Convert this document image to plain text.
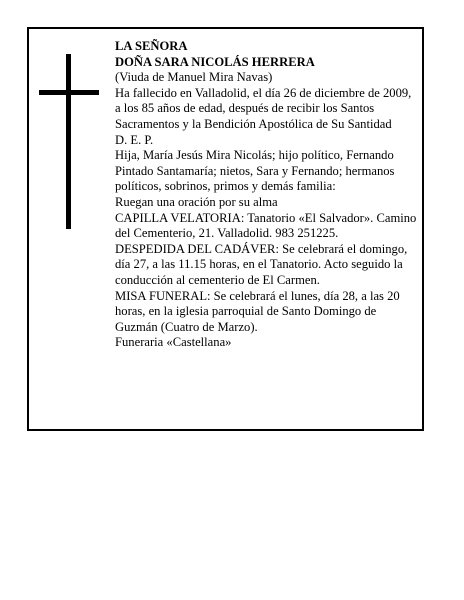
LA SEÑORA

DOÑA SARA NICOLÁS HERRERA

(Viuda de Manuel Mira Navas)

Ha fallecido en Valladolid, el día 26 de diciembre de 2009, a los 85 años de edad, después de recibir los Santos Sacramentos y la Bendición Apostólica de Su Santidad

D. E. P.

Hija, María Jesús Mira Nicolás; hijo político, Fernando Pintado Santamaría; nietos, Sara y Fernando; hermanos políticos, sobrinos, primos y demás familia:

Ruegan una oración por su alma

CAPILLA VELATORIA: Tanatorio «El Salvador». Camino del Cementerio, 21. Valladolid. 983 251225.

DESPEDIDA DEL CADÁVER: Se celebrará el domingo, día 27, a las 11.15 horas, en el Tanatorio. Acto seguido la conducción al cementerio de El Carmen.

MISA FUNERAL: Se celebrará el lunes, día 28, a las 20 horas, en la iglesia parroquial de Santo Domingo de Guzmán (Cuatro de Marzo).

Funeraria «Castellana»
